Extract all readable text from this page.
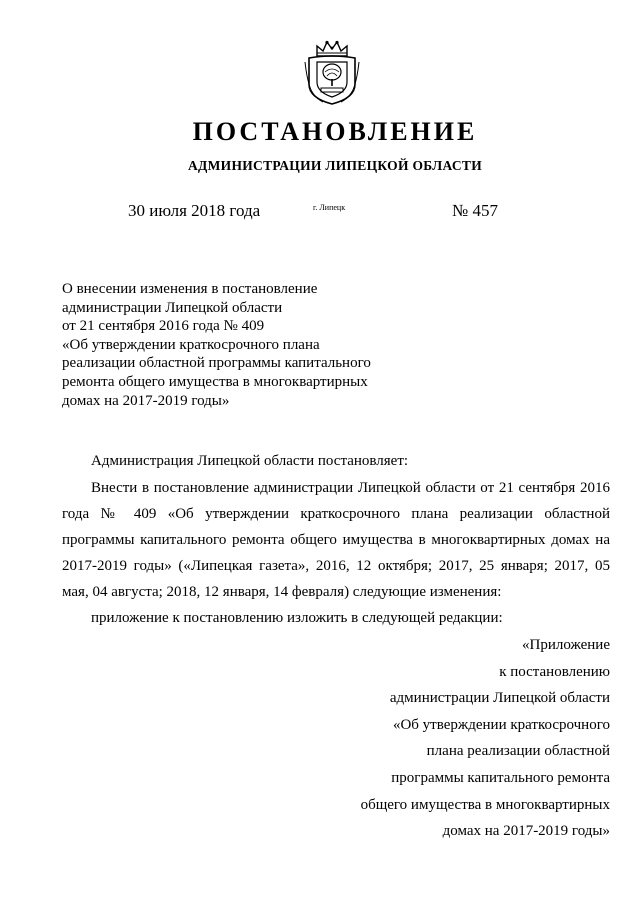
ПОСТАНОВЛЕНИЕ
АДМИНИСТРАЦИИ ЛИПЕЦКОЙ ОБЛАСТИ
30 июля 2018 года	г. Липецк	№ 457
О внесении изменения в постановление
администрации Липецкой области
от 21 сентября 2016 года № 409
«Об утверждении краткосрочного плана
реализации областной программы капитального
ремонта общего имущества в многоквартирных
домах на 2017-2019 годы»
Администрация Липецкой области постановляет:
Внести в постановление администрации Липецкой области от 21 сентября 2016
года № 409 «Об утверждении краткосрочного плана реализации областной
программы капитального ремонта общего имущества в многоквартирных домах на
2017-2019 годы» («Липецкая газета», 2016, 12 октября; 2017, 25 января; 2017, 05
мая, 04 августа; 2018, 12 января, 14 февраля) следующие изменения:
приложение к постановлению изложить в следующей редакции:
«Приложение
к постановлению
администрации Липецкой области
«Об утверждении краткосрочного
плана реализации областной
программы капитального ремонта
общего имущества в многоквартирных
домах на 2017-2019 годы»
